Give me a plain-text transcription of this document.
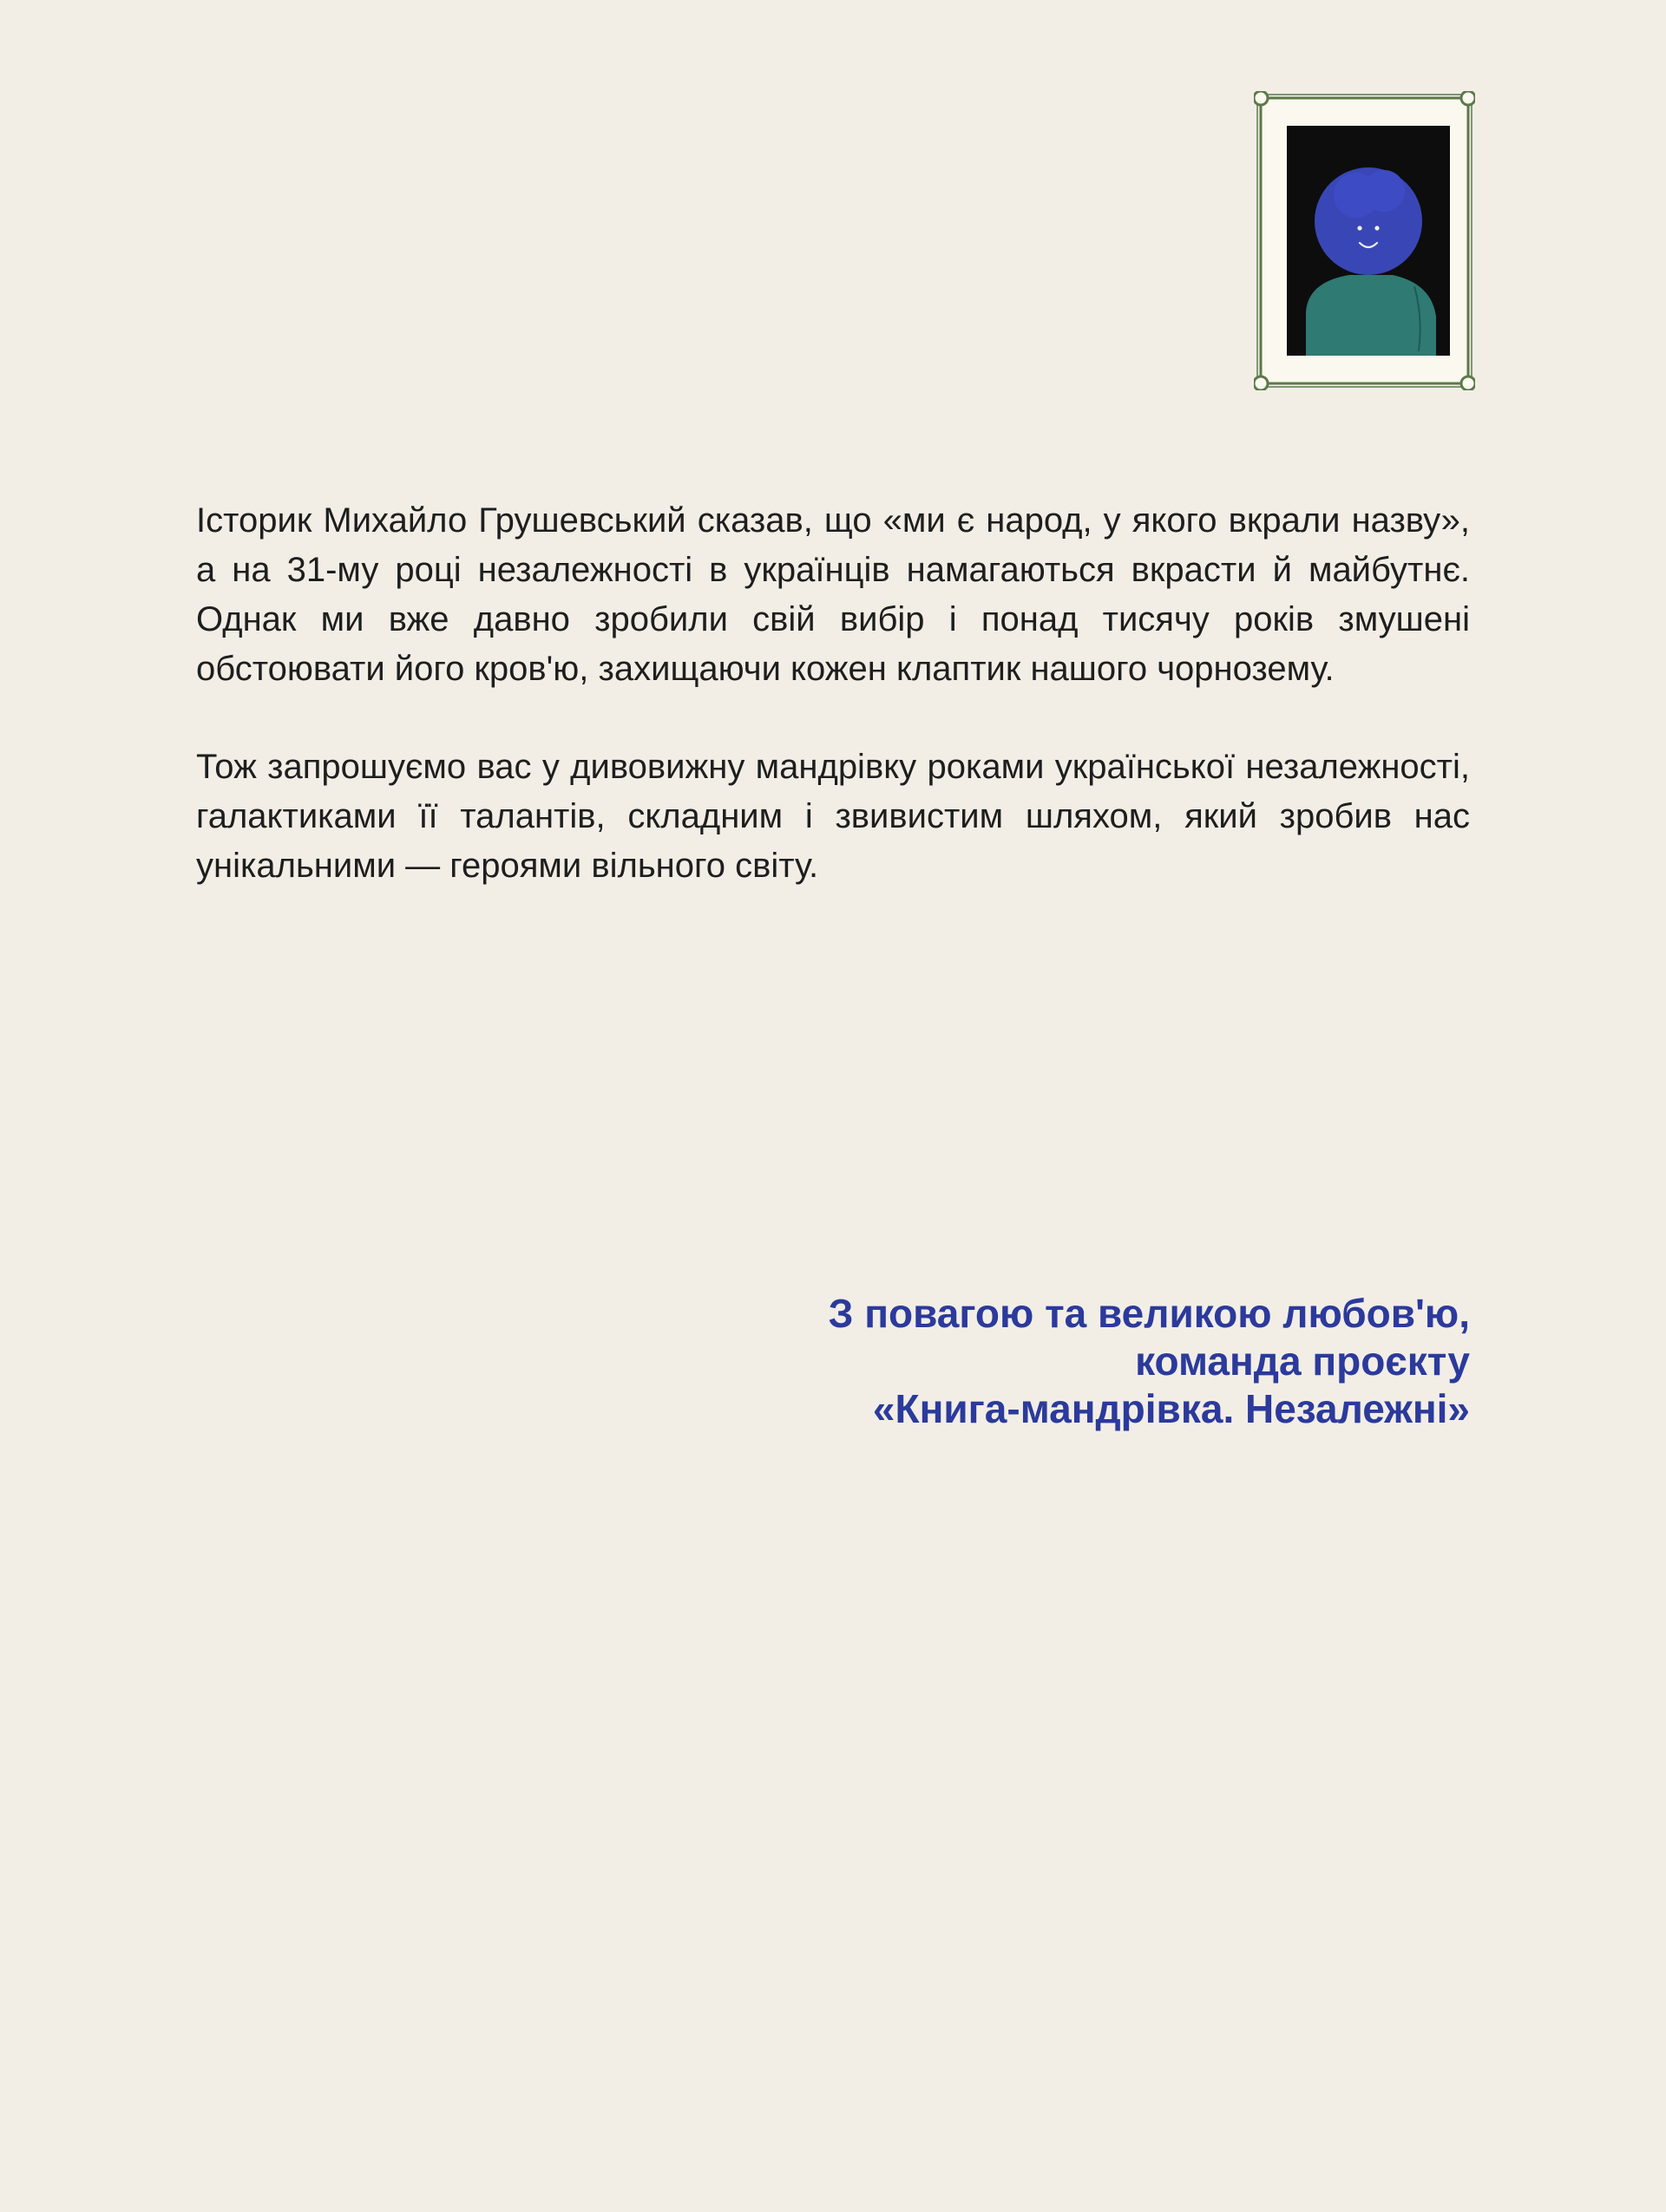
Історик Михайло Грушевський сказав, що «ми є народ, у якого вкрали назву», а на 31-му році незалежності в українців намагаються вкрасти й майбутнє. Однак ми вже давно зробили свій вибір і понад тисячу років змушені обстоювати його кров'ю, захищаючи кожен клаптик нашого чорнозему.

Тож запрошуємо вас у дивовижну мандрівку роками української незалежності, галактиками її талантів, складним і звивистим шляхом, який зробив нас унікальними — героями вільного світу.

З повагою та великою любов'ю,
команда проєкту
«Книга-мандрівка. Незалежні»
